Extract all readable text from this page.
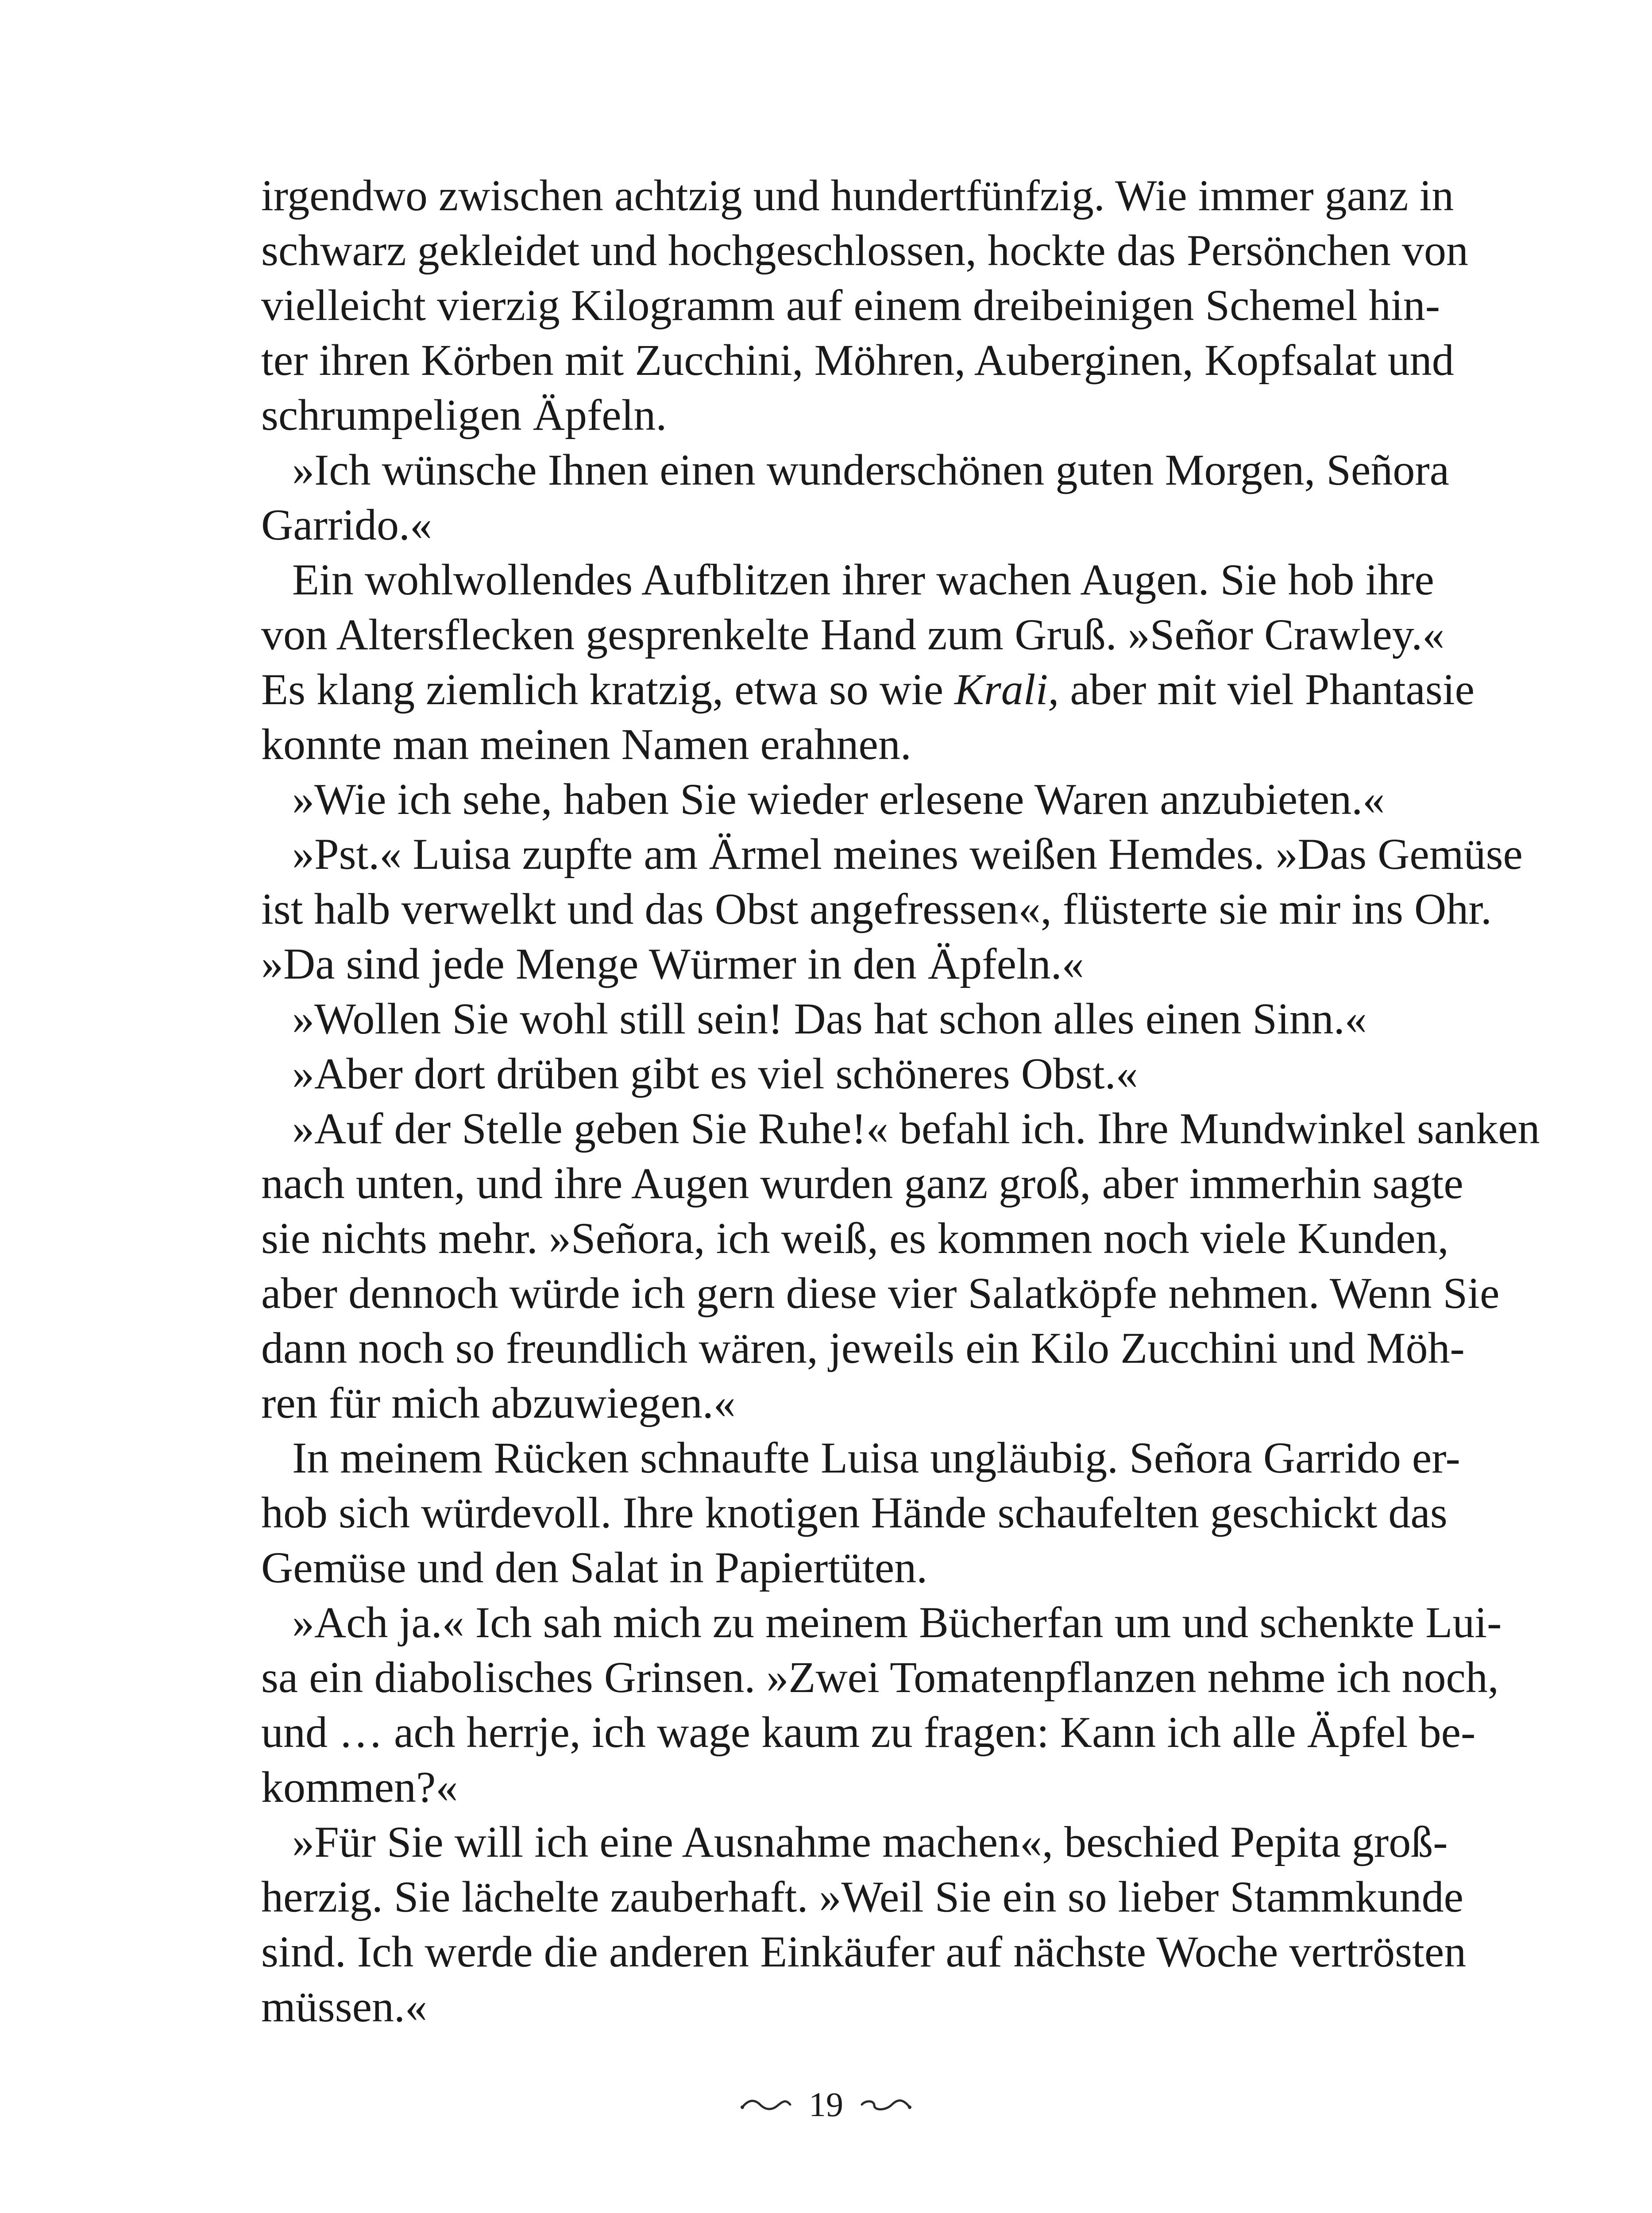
irgendwo zwischen achtzig und hundertfünfzig. Wie immer ganz in
schwarz gekleidet und hochgeschlossen, hockte das Persönchen von
vielleicht vierzig Kilogramm auf einem dreibeinigen Schemel hin-
ter ihren Körben mit Zucchini, Möhren, Auberginen, Kopfsalat und
schrumpeligen Äpfeln.
»Ich wünsche Ihnen einen wunderschönen guten Morgen, Señora
Garrido.«
Ein wohlwollendes Aufblitzen ihrer wachen Augen. Sie hob ihre
von Altersflecken gesprenkelte Hand zum Gruß. »Señor Crawley.«
Es klang ziemlich kratzig, etwa so wie Krali, aber mit viel Phantasie
konnte man meinen Namen erahnen.
»Wie ich sehe, haben Sie wieder erlesene Waren anzubieten.«
»Pst.« Luisa zupfte am Ärmel meines weißen Hemdes. »Das Gemüse
ist halb verwelkt und das Obst angefressen«, flüsterte sie mir ins Ohr.
»Da sind jede Menge Würmer in den Äpfeln.«
»Wollen Sie wohl still sein! Das hat schon alles einen Sinn.«
»Aber dort drüben gibt es viel schöneres Obst.«
»Auf der Stelle geben Sie Ruhe!« befahl ich. Ihre Mundwinkel sanken
nach unten, und ihre Augen wurden ganz groß, aber immerhin sagte
sie nichts mehr. »Señora, ich weiß, es kommen noch viele Kunden,
aber dennoch würde ich gern diese vier Salatköpfe nehmen. Wenn Sie
dann noch so freundlich wären, jeweils ein Kilo Zucchini und Möh-
ren für mich abzuwiegen.«
In meinem Rücken schnaufte Luisa ungläubig. Señora Garrido er-
hob sich würdevoll. Ihre knotigen Hände schaufelten geschickt das
Gemüse und den Salat in Papiertüten.
»Ach ja.« Ich sah mich zu meinem Bücherfan um und schenkte Lui-
sa ein diabolisches Grinsen. »Zwei Tomatenpflanzen nehme ich noch,
und … ach herrje, ich wage kaum zu fragen: Kann ich alle Äpfel be-
kommen?«
»Für Sie will ich eine Ausnahme machen«, beschied Pepita groß-
herzig. Sie lächelte zauberhaft. »Weil Sie ein so lieber Stammkunde
sind. Ich werde die anderen Einkäufer auf nächste Woche vertrösten
müssen.«
19
